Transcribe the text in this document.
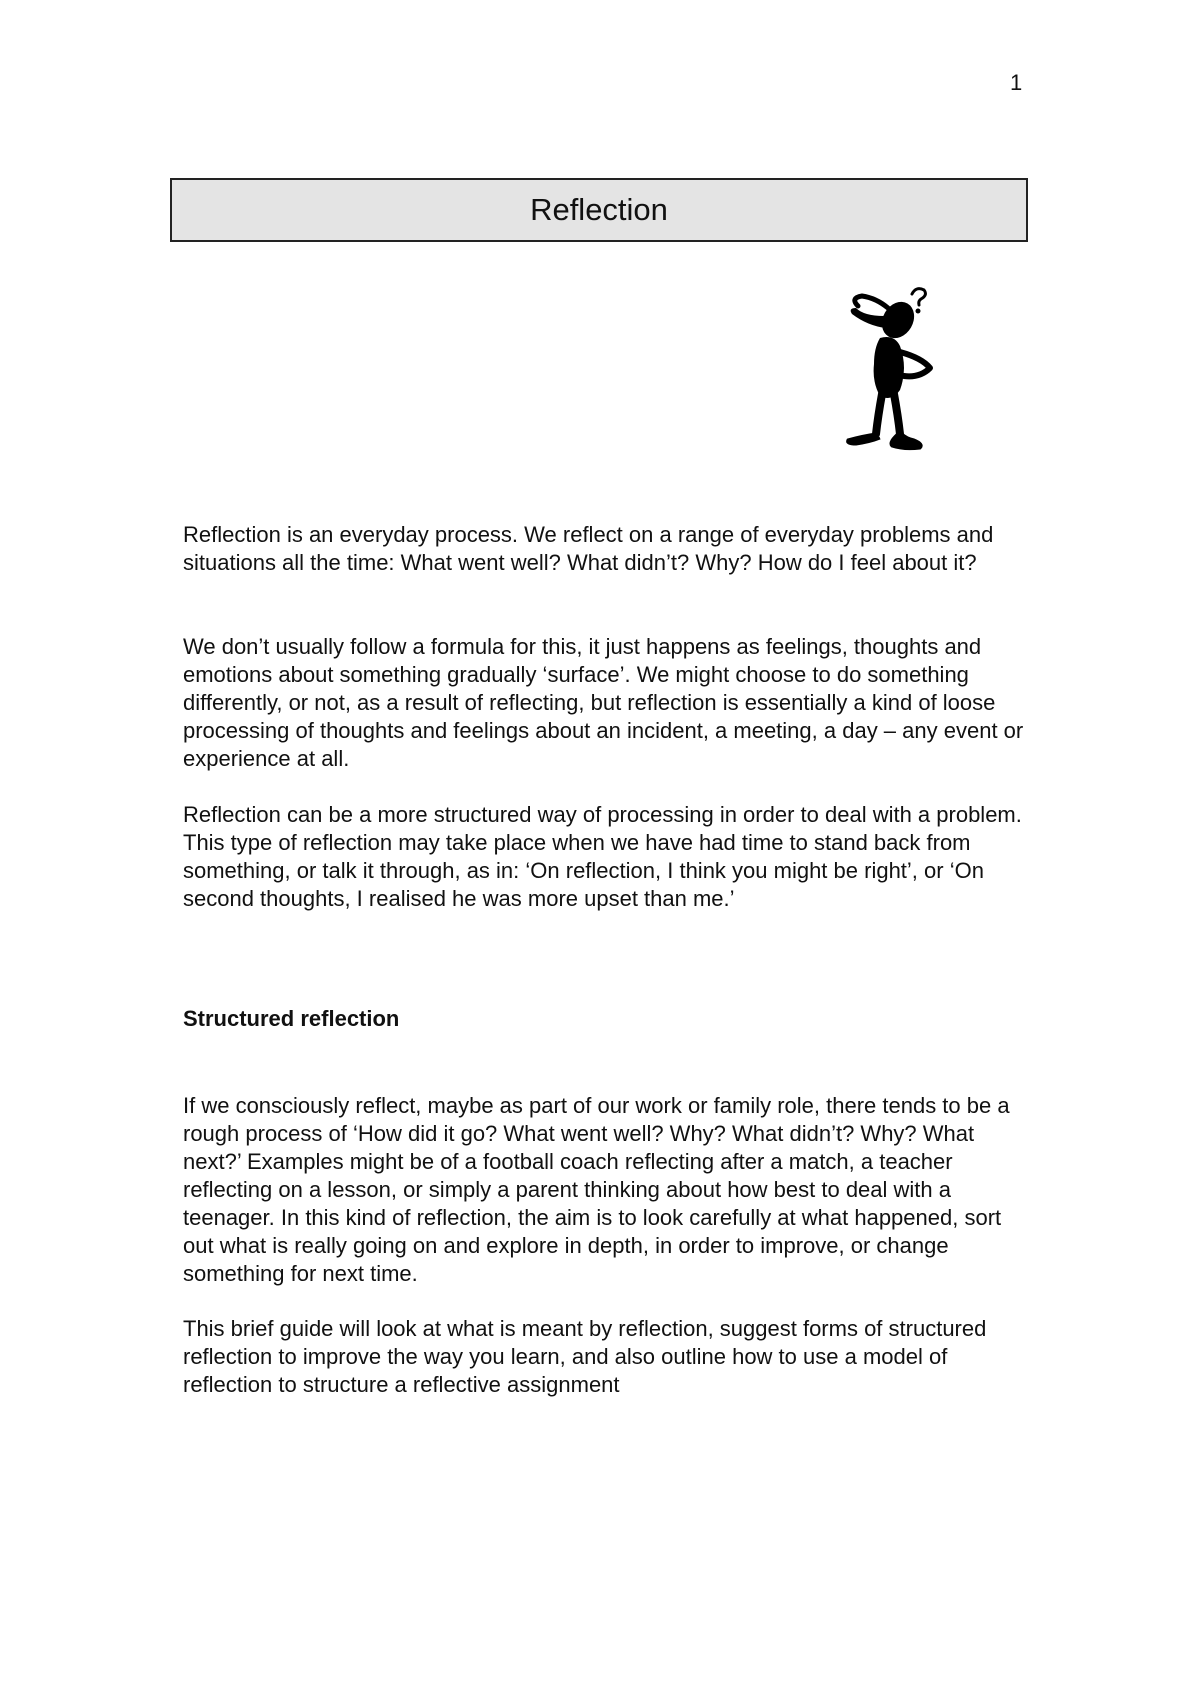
1
Reflection

Reflection is an everyday process. We reflect on a range of everyday problems and situations all the time: What went well? What didn’t? Why? How do I feel about it?

We don’t usually follow a formula for this, it just happens as feelings, thoughts and emotions about something gradually ‘surface’. We might choose to do something differently, or not, as a result of reflecting, but reflection is essentially a kind of loose processing of thoughts and feelings about an incident, a meeting, a day – any event or experience at all.

Reflection can be a more structured way of processing in order to deal with a problem. This type of reflection may take place when we have had time to stand back from something, or talk it through, as in: ‘On reflection, I think you might be right’, or ‘On second thoughts, I realised he was more upset than me.’

Structured reflection

If we consciously reflect, maybe as part of our work or family role, there tends to be a rough process of ‘How did it go? What went well? Why? What didn’t? Why? What next?’ Examples might be of a football coach reflecting after a match, a teacher reflecting on a lesson, or simply a parent thinking about how best to deal with a teenager. In this kind of reflection, the aim is to look carefully at what happened, sort out what is really going on and explore in depth, in order to improve, or change something for next time.

This brief guide will look at what is meant by reflection, suggest forms of structured reflection to improve the way you learn, and also outline how to use a model of reflection to structure a reflective assignment
